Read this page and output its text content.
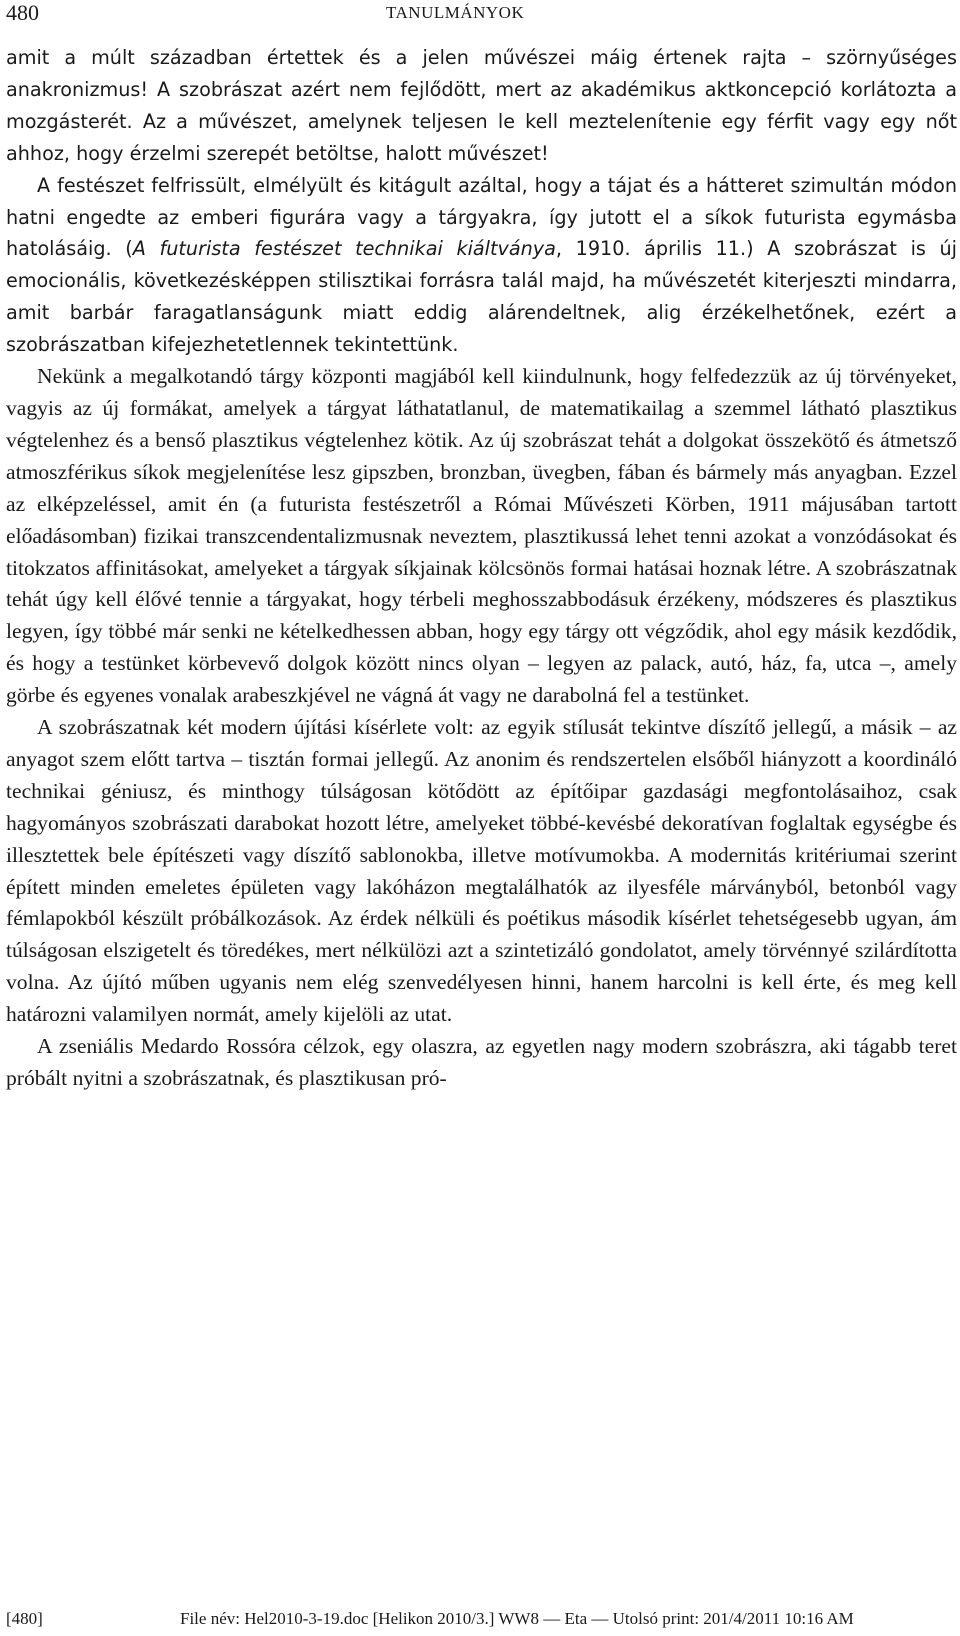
480	TANULMÁNYOK

amit a múlt században értettek és a jelen művészei máig értenek rajta – szörnyűséges anakronizmus! A szobrászat azért nem fejlődött, mert az akadémikus aktkoncepció korlátozta a mozgásterét. Az a művészet, amelynek teljesen le kell meztelenítenie egy férfit vagy egy nőt ahhoz, hogy érzelmi szerepét betöltse, halott művészet!

A festészet felfrissült, elmélyült és kitágult azáltal, hogy a tájat és a hátteret szimultán módon hatni engedte az emberi figurára vagy a tárgyakra, így jutott el a síkok futurista egymásba hatolásáig. (A futurista festészet technikai kiáltványa, 1910. április 11.) A szobrászat is új emocionális, következésképpen stilisztikai forrásra talál majd, ha művészetét kiterjeszti mindarra, amit barbár faragatlanságunk miatt eddig alárendeltnek, alig érzékelhetőnek, ezért a szobrászatban kifejezhetetlennek tekintettünk.

Nekünk a megalkotandó tárgy központi magjából kell kiindulnunk, hogy felfedezzük az új törvényeket, vagyis az új formákat, amelyek a tárgyat láthatatlanul, de matematikailag a szemmel látható plasztikus végtelenhez és a benső plasztikus végtelenhez kötik. Az új szobrászat tehát a dolgokat összekötő és átmetsző atmoszférikus síkok megjelenítése lesz gipszben, bronzban, üvegben, fában és bármely más anyagban. Ezzel az elképzeléssel, amit én (a futurista festészetről a Római Művészeti Körben, 1911 májusában tartott előadásomban) fizikai transzcendentalizmusnak neveztem, plasztikussá lehet tenni azokat a vonzódásokat és titokzatos affinitásokat, amelyeket a tárgyak síkjainak kölcsönös formai hatásai hoznak létre. A szobrászatnak tehát úgy kell élővé tennie a tárgyakat, hogy térbeli meghosszabbodásuk érzékeny, módszeres és plasztikus legyen, így többé már senki ne kételkedhessen abban, hogy egy tárgy ott végződik, ahol egy másik kezdődik, és hogy a testünket körbevevő dolgok között nincs olyan – legyen az palack, autó, ház, fa, utca –, amely görbe és egyenes vonalak arabeszkjével ne vágná át vagy ne darabolná fel a testünket.

A szobrászatnak két modern újítási kísérlete volt: az egyik stílusát tekintve díszítő jellegű, a másik – az anyagot szem előtt tartva – tisztán formai jellegű. Az anonim és rendszertelen elsőből hiányzott a koordináló technikai géniusz, és minthogy túlságosan kötődött az építőipar gazdasági megfontolásaihoz, csak hagyományos szobrászati darabokat hozott létre, amelyeket többé-kevésbé dekoratívan foglaltak egységbe és illesztettek bele építészeti vagy díszítő sablonokba, illetve motívumokba. A modernitás kritériumai szerint épített minden emeletes épületen vagy lakóházon megtalálhatók az ilyesféle márványból, betonból vagy fémlapokból készült próbálkozások. Az érdek nélküli és poétikus második kísérlet tehetségesebb ugyan, ám túlságosan elszigetelt és töredékes, mert nélkülözi azt a szintetizáló gondolatot, amely törvénnyé szilárdította volna. Az újító műben ugyanis nem elég szenvedélyesen hinni, hanem harcolni is kell érte, és meg kell határozni valamilyen normát, amely kijelöli az utat.

A zseniális Medardo Rossóra célzok, egy olaszra, az egyetlen nagy modern szobrászra, aki tágabb teret próbált nyitni a szobrászatnak, és plasztikusan pró-

[480]	File név: Hel2010-3-19.doc [Helikon 2010/3.] WW8 — Eta — Utolsó print: 201/4/2011 10:16 AM
